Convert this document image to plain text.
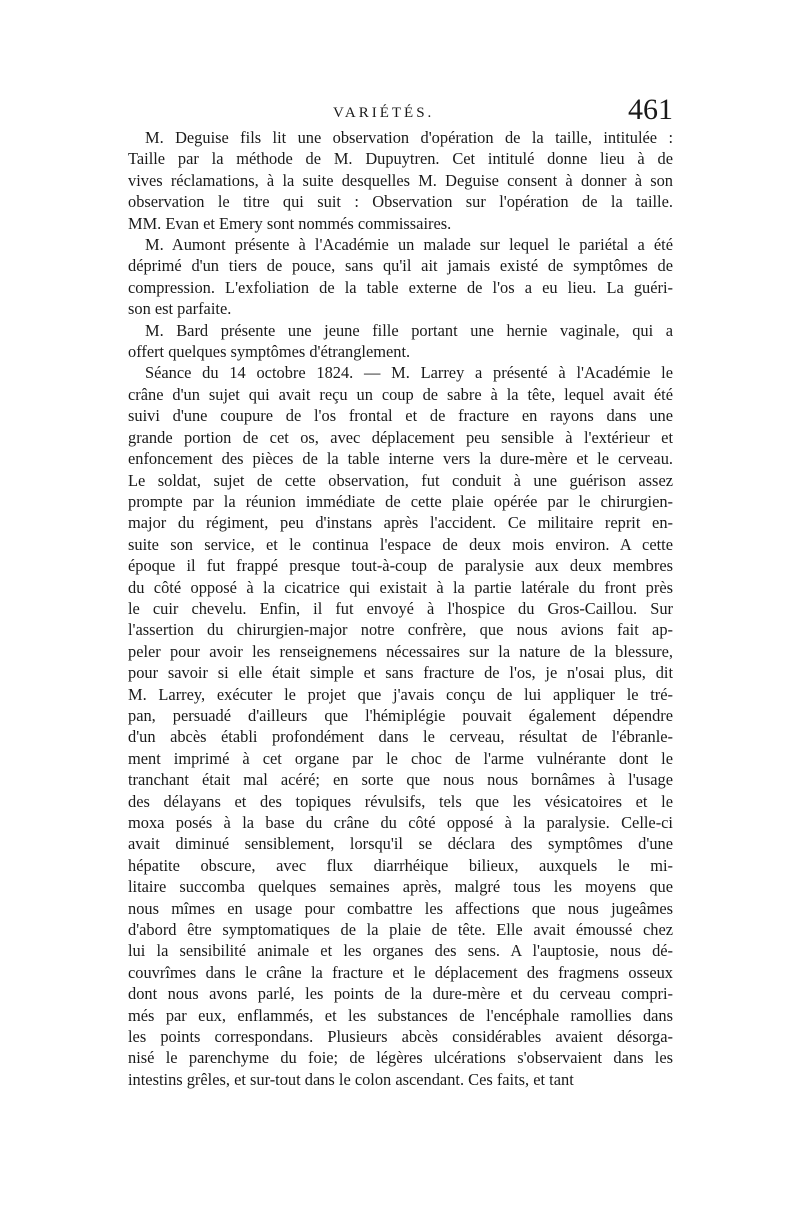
VARIÉTÉS.	461
M. Deguise fils lit une observation d'opération de la taille, intitulée :
Taille par la méthode de M. Dupuytren. Cet intitulé donne lieu à de
vives réclamations, à la suite desquelles M. Deguise consent à donner à son
observation le titre qui suit : Observation sur l'opération de la taille.
MM. Evan et Emery sont nommés commissaires.
M. Aumont présente à l'Académie un malade sur lequel le pariétal a été
déprimé d'un tiers de pouce, sans qu'il ait jamais existé de symptômes de
compression. L'exfoliation de la table externe de l'os a eu lieu. La guéri-
son est parfaite.
M. Bard présente une jeune fille portant une hernie vaginale, qui a
offert quelques symptômes d'étranglement.
Séance du 14 octobre 1824. — M. Larrey a présenté à l'Académie le
crâne d'un sujet qui avait reçu un coup de sabre à la tête, lequel avait été
suivi d'une coupure de l'os frontal et de fracture en rayons dans une
grande portion de cet os, avec déplacement peu sensible à l'extérieur et
enfoncement des pièces de la table interne vers la dure-mère et le cerveau.
Le soldat, sujet de cette observation, fut conduit à une guérison assez
prompte par la réunion immédiate de cette plaie opérée par le chirurgien-
major du régiment, peu d'instans après l'accident. Ce militaire reprit en-
suite son service, et le continua l'espace de deux mois environ. A cette
époque il fut frappé presque tout-à-coup de paralysie aux deux membres
du côté opposé à la cicatrice qui existait à la partie latérale du front près
le cuir chevelu. Enfin, il fut envoyé à l'hospice du Gros-Caillou. Sur
l'assertion du chirurgien-major notre confrère, que nous avions fait ap-
peler pour avoir les renseignemens nécessaires sur la nature de la blessure,
pour savoir si elle était simple et sans fracture de l'os, je n'osai plus, dit
M. Larrey, exécuter le projet que j'avais conçu de lui appliquer le tré-
pan, persuadé d'ailleurs que l'hémiplégie pouvait également dépendre
d'un abcès établi profondément dans le cerveau, résultat de l'ébranle-
ment imprimé à cet organe par le choc de l'arme vulnérante dont le
tranchant était mal acéré; en sorte que nous nous bornâmes à l'usage
des délayans et des topiques révulsifs, tels que les vésicatoires et le
moxa posés à la base du crâne du côté opposé à la paralysie. Celle-ci
avait diminué sensiblement, lorsqu'il se déclara des symptômes d'une
hépatite obscure, avec flux diarrhéique bilieux, auxquels le mi-
litaire succomba quelques semaines après, malgré tous les moyens que
nous mîmes en usage pour combattre les affections que nous jugeâmes
d'abord être symptomatiques de la plaie de tête. Elle avait émoussé chez
lui la sensibilité animale et les organes des sens. A l'auptosie, nous dé-
couvrîmes dans le crâne la fracture et le déplacement des fragmens osseux
dont nous avons parlé, les points de la dure-mère et du cerveau compri-
més par eux, enflammés, et les substances de l'encéphale ramollies dans
les points correspondans. Plusieurs abcès considérables avaient désorga-
nisé le parenchyme du foie; de légères ulcérations s'observaient dans les
intestins grêles, et sur-tout dans le colon ascendant. Ces faits, et tant
